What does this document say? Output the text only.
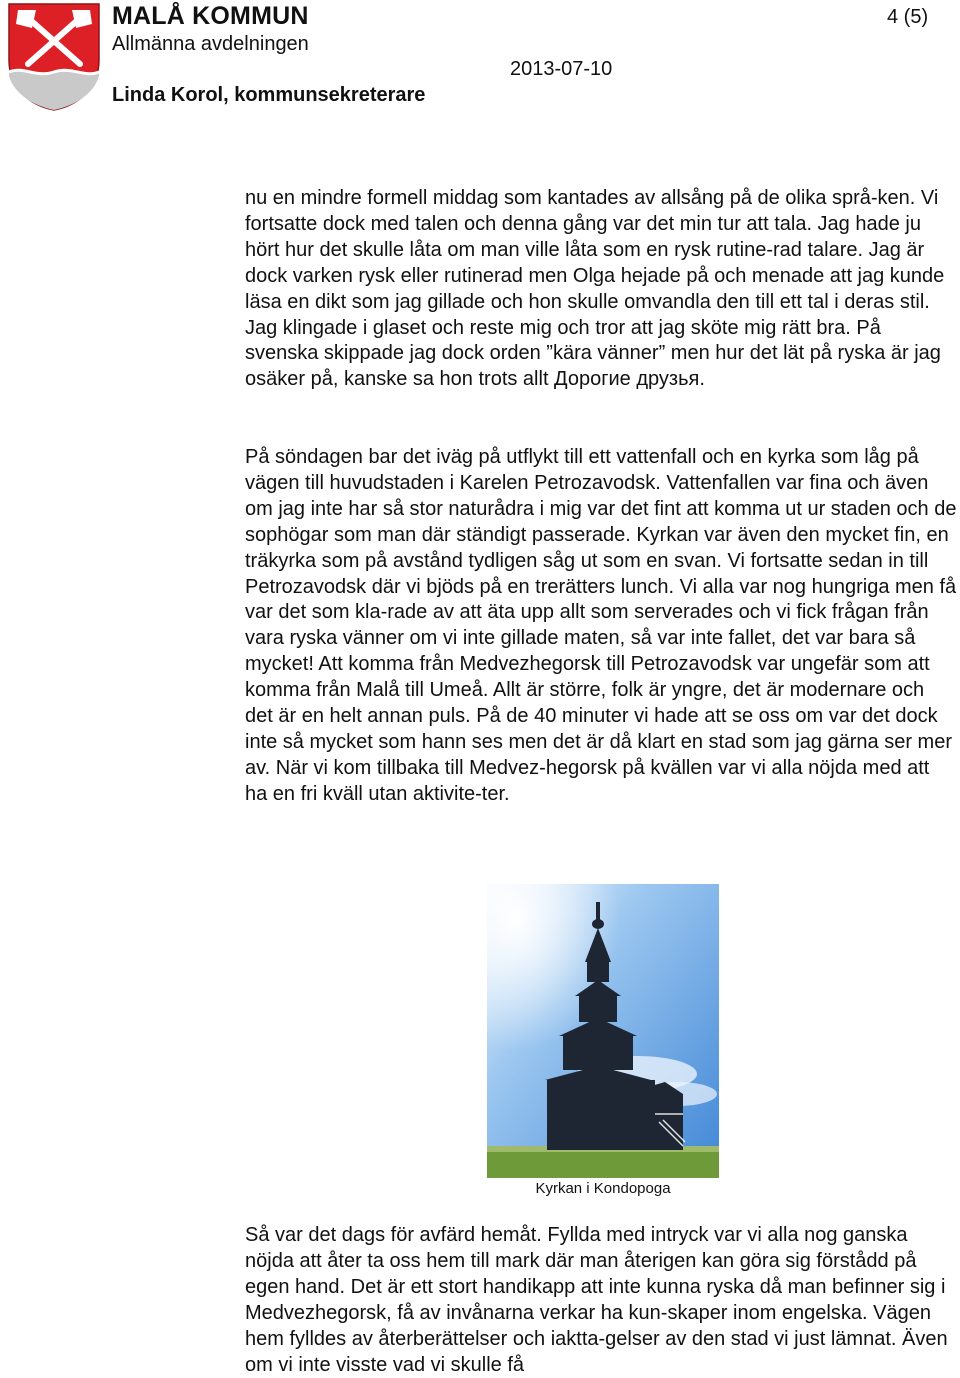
MALÅ KOMMUN
Allmänna avdelningen
Linda Korol, kommunsekreterare
2013-07-10
4 (5)

nu en mindre formell middag som kantades av allsång på de olika språ-ken. Vi fortsatte dock med talen och denna gång var det min tur att tala. Jag hade ju hört hur det skulle låta om man ville låta som en rysk rutine-rad talare. Jag är dock varken rysk eller rutinerad men Olga hejade på och menade att jag kunde läsa en dikt som jag gillade och hon skulle omvandla den till ett tal i deras stil. Jag klingade i glaset och reste mig och tror att jag sköte mig rätt bra. På svenska skippade jag dock orden ”kära vänner” men hur det lät på ryska är jag osäker på, kanske sa hon trots allt Дорогие друзья.

På söndagen bar det iväg på utflykt till ett vattenfall och en kyrka som låg på vägen till huvudstaden i Karelen Petrozavodsk. Vattenfallen var fina och även om jag inte har så stor naturådra i mig var det fint att komma ut ur staden och de sophögar som man där ständigt passerade. Kyrkan var även den mycket fin, en träkyrka som på avstånd tydligen såg ut som en svan. Vi fortsatte sedan in till Petrozavodsk där vi bjöds på en trerätters lunch. Vi alla var nog hungriga men få var det som kla-rade av att äta upp allt som serverades och vi fick frågan från vara ryska vänner om vi inte gillade maten, så var inte fallet, det var bara så mycket! Att komma från Medvezhegorsk till Petrozavodsk var ungefär som att komma från Malå till Umeå. Allt är större, folk är yngre, det är modernare och det är en helt annan puls. På de 40 minuter vi hade att se oss om var det dock inte så mycket som hann ses men det är då klart en stad som jag gärna ser mer av. När vi kom tillbaka till Medvez-hegorsk på kvällen var vi alla nöjda med att ha en fri kväll utan aktivite-ter.

Kyrkan i Kondopoga

Så var det dags för avfärd hemåt. Fyllda med intryck var vi alla nog ganska nöjda att åter ta oss hem till mark där man återigen kan göra sig förstådd på egen hand. Det är ett stort handikapp att inte kunna ryska då man befinner sig i Medvezhegorsk, få av invånarna verkar ha kun-skaper inom engelska. Vägen hem fylldes av återberättelser och iaktta-gelser av den stad vi just lämnat. Även om vi inte visste vad vi skulle få
